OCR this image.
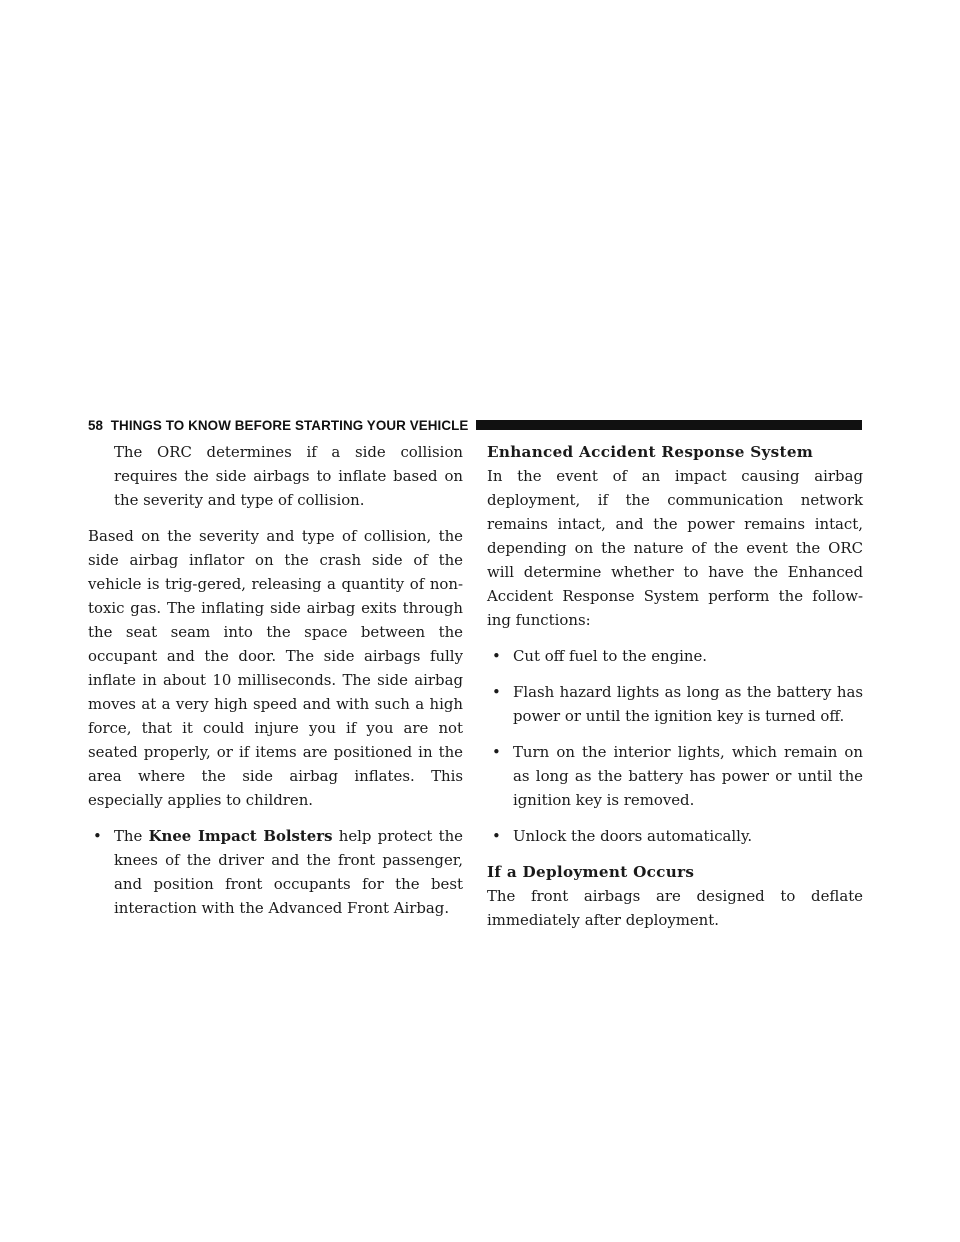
58 THINGS TO KNOW BEFORE STARTING YOUR VEHICLE

The ORC determines if a side collision requires the side airbags to inflate based on the severity and type of collision.

Based on the severity and type of collision, the side airbag inflator on the crash side of the vehicle is trig-gered, releasing a quantity of non-toxic gas. The inflating side airbag exits through the seat seam into the space between the occupant and the door. The side airbags fully inflate in about 10 milliseconds. The side airbag moves at a very high speed and with such a high force, that it could injure you if you are not seated properly, or if items are positioned in the area where the side airbag inflates. This especially applies to children.

• The Knee Impact Bolsters help protect the knees of the driver and the front passenger, and position front occupants for the best interaction with the Advanced Front Airbag.

Enhanced Accident Response System

In the event of an impact causing airbag deployment, if the communication network remains intact, and the power remains intact, depending on the nature of the event the ORC will determine whether to have the Enhanced Accident Response System perform the follow-ing functions:

• Cut off fuel to the engine.

• Flash hazard lights as long as the battery has power or until the ignition key is turned off.

• Turn on the interior lights, which remain on as long as the battery has power or until the ignition key is removed.

• Unlock the doors automatically.

If a Deployment Occurs

The front airbags are designed to deflate immediately after deployment.
